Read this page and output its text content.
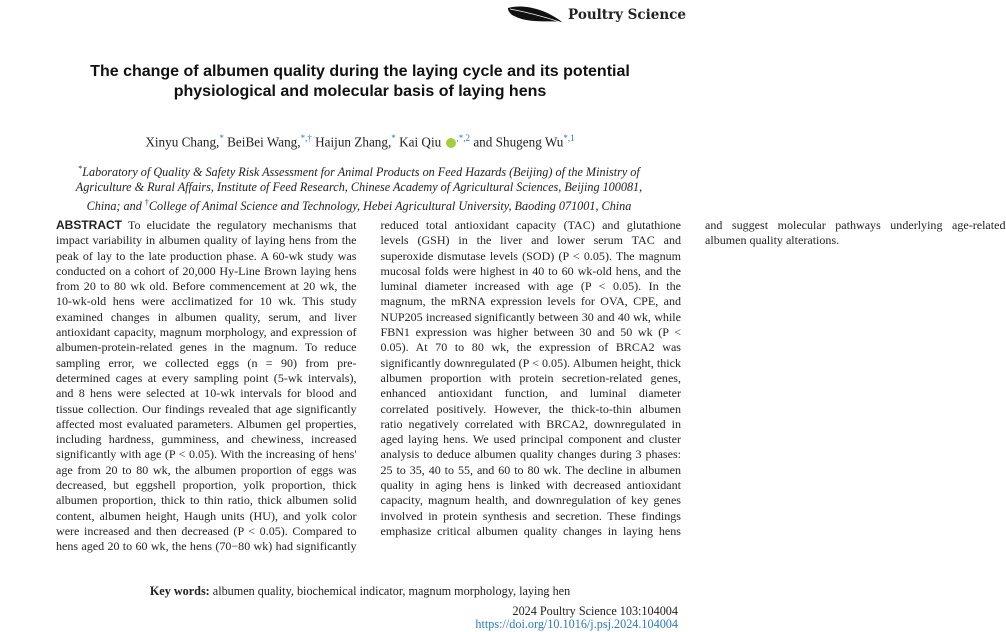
Poultry Science
The change of albumen quality during the laying cycle and its potential physiological and molecular basis of laying hens
Xinyu Chang,* BeiBei Wang,*,† Haijun Zhang,* Kai Qiu $^{,*,2}$ and Shugeng $Wu^{*,1}$
*Laboratory of Quality & Safety Risk Assessment for Animal Products on Feed Hazards (Beijing) of the Ministry of Agriculture & Rural Affairs, Institute of Feed Research, Chinese Academy of Agricultural Sciences, Beijing 100081, China; and †College of Animal Science and Technology, Hebei Agricultural University, Baoding 071001, China
ABSTRACT To elucidate the regulatory mechanisms that impact variability in albumen quality of laying hens from the peak of lay to the late production phase. A 60-wk study was conducted on a cohort of 20,000 Hy-Line Brown laying hens from 20 to 80 wk old. Before commencement at 20 wk, the 10-wk-old hens were acclimatized for 10 wk. This study examined changes in albumen quality, serum, and liver antioxidant capacity, magnum morphology, and expression of albumen-protein-related genes in the magnum. To reduce sampling error, we collected eggs (n = 90) from pre-determined cages at every sampling point (5-wk intervals), and 8 hens were selected at 10-wk intervals for blood and tissue collection. Our findings revealed that age significantly affected most evaluated parameters. Albumen gel properties, including hardness, gumminess, and chewiness, increased significantly with age (P < 0.05). With the increasing of hens' age from 20 to 80 wk, the albumen proportion of eggs was decreased, but eggshell proportion, yolk proportion, thick albumen proportion, thick to thin ratio, thick albumen solid content, albumen height, Haugh units (HU), and yolk color were increased and then decreased (P < 0.05). Compared to hens aged 20 to 60 wk, the hens (70−80 wk) had significantly reduced total antioxidant capacity (TAC) and glutathione levels (GSH) in the liver and lower serum TAC and superoxide dismutase levels (SOD) (P < 0.05). The magnum mucosal folds were highest in 40 to 60 wk-old hens, and the luminal diameter increased with age (P < 0.05). In the magnum, the mRNA expression levels for OVA, CPE, and NUP205 increased significantly between 30 and 40 wk, while FBN1 expression was higher between 30 and 50 wk (P < 0.05). At 70 to 80 wk, the expression of BRCA2 was significantly downregulated (P < 0.05). Albumen height, thick albumen proportion with protein secretion-related genes, enhanced antioxidant function, and luminal diameter correlated positively. However, the thick-to-thin albumen ratio negatively correlated with BRCA2, downregulated in aged laying hens. We used principal component and cluster analysis to deduce albumen quality changes during 3 phases: 25 to 35, 40 to 55, and 60 to 80 wk. The decline in albumen quality in aging hens is linked with decreased antioxidant capacity, magnum health, and downregulation of key genes involved in protein synthesis and secretion. These findings emphasize critical albumen quality changes in laying hens and suggest molecular pathways underlying age-related albumen quality alterations.
Key words: albumen quality, biochemical indicator, magnum morphology, laying hen
2024 Poultry Science 103:104004
https://doi.org/10.1016/j.psj.2024.104004
